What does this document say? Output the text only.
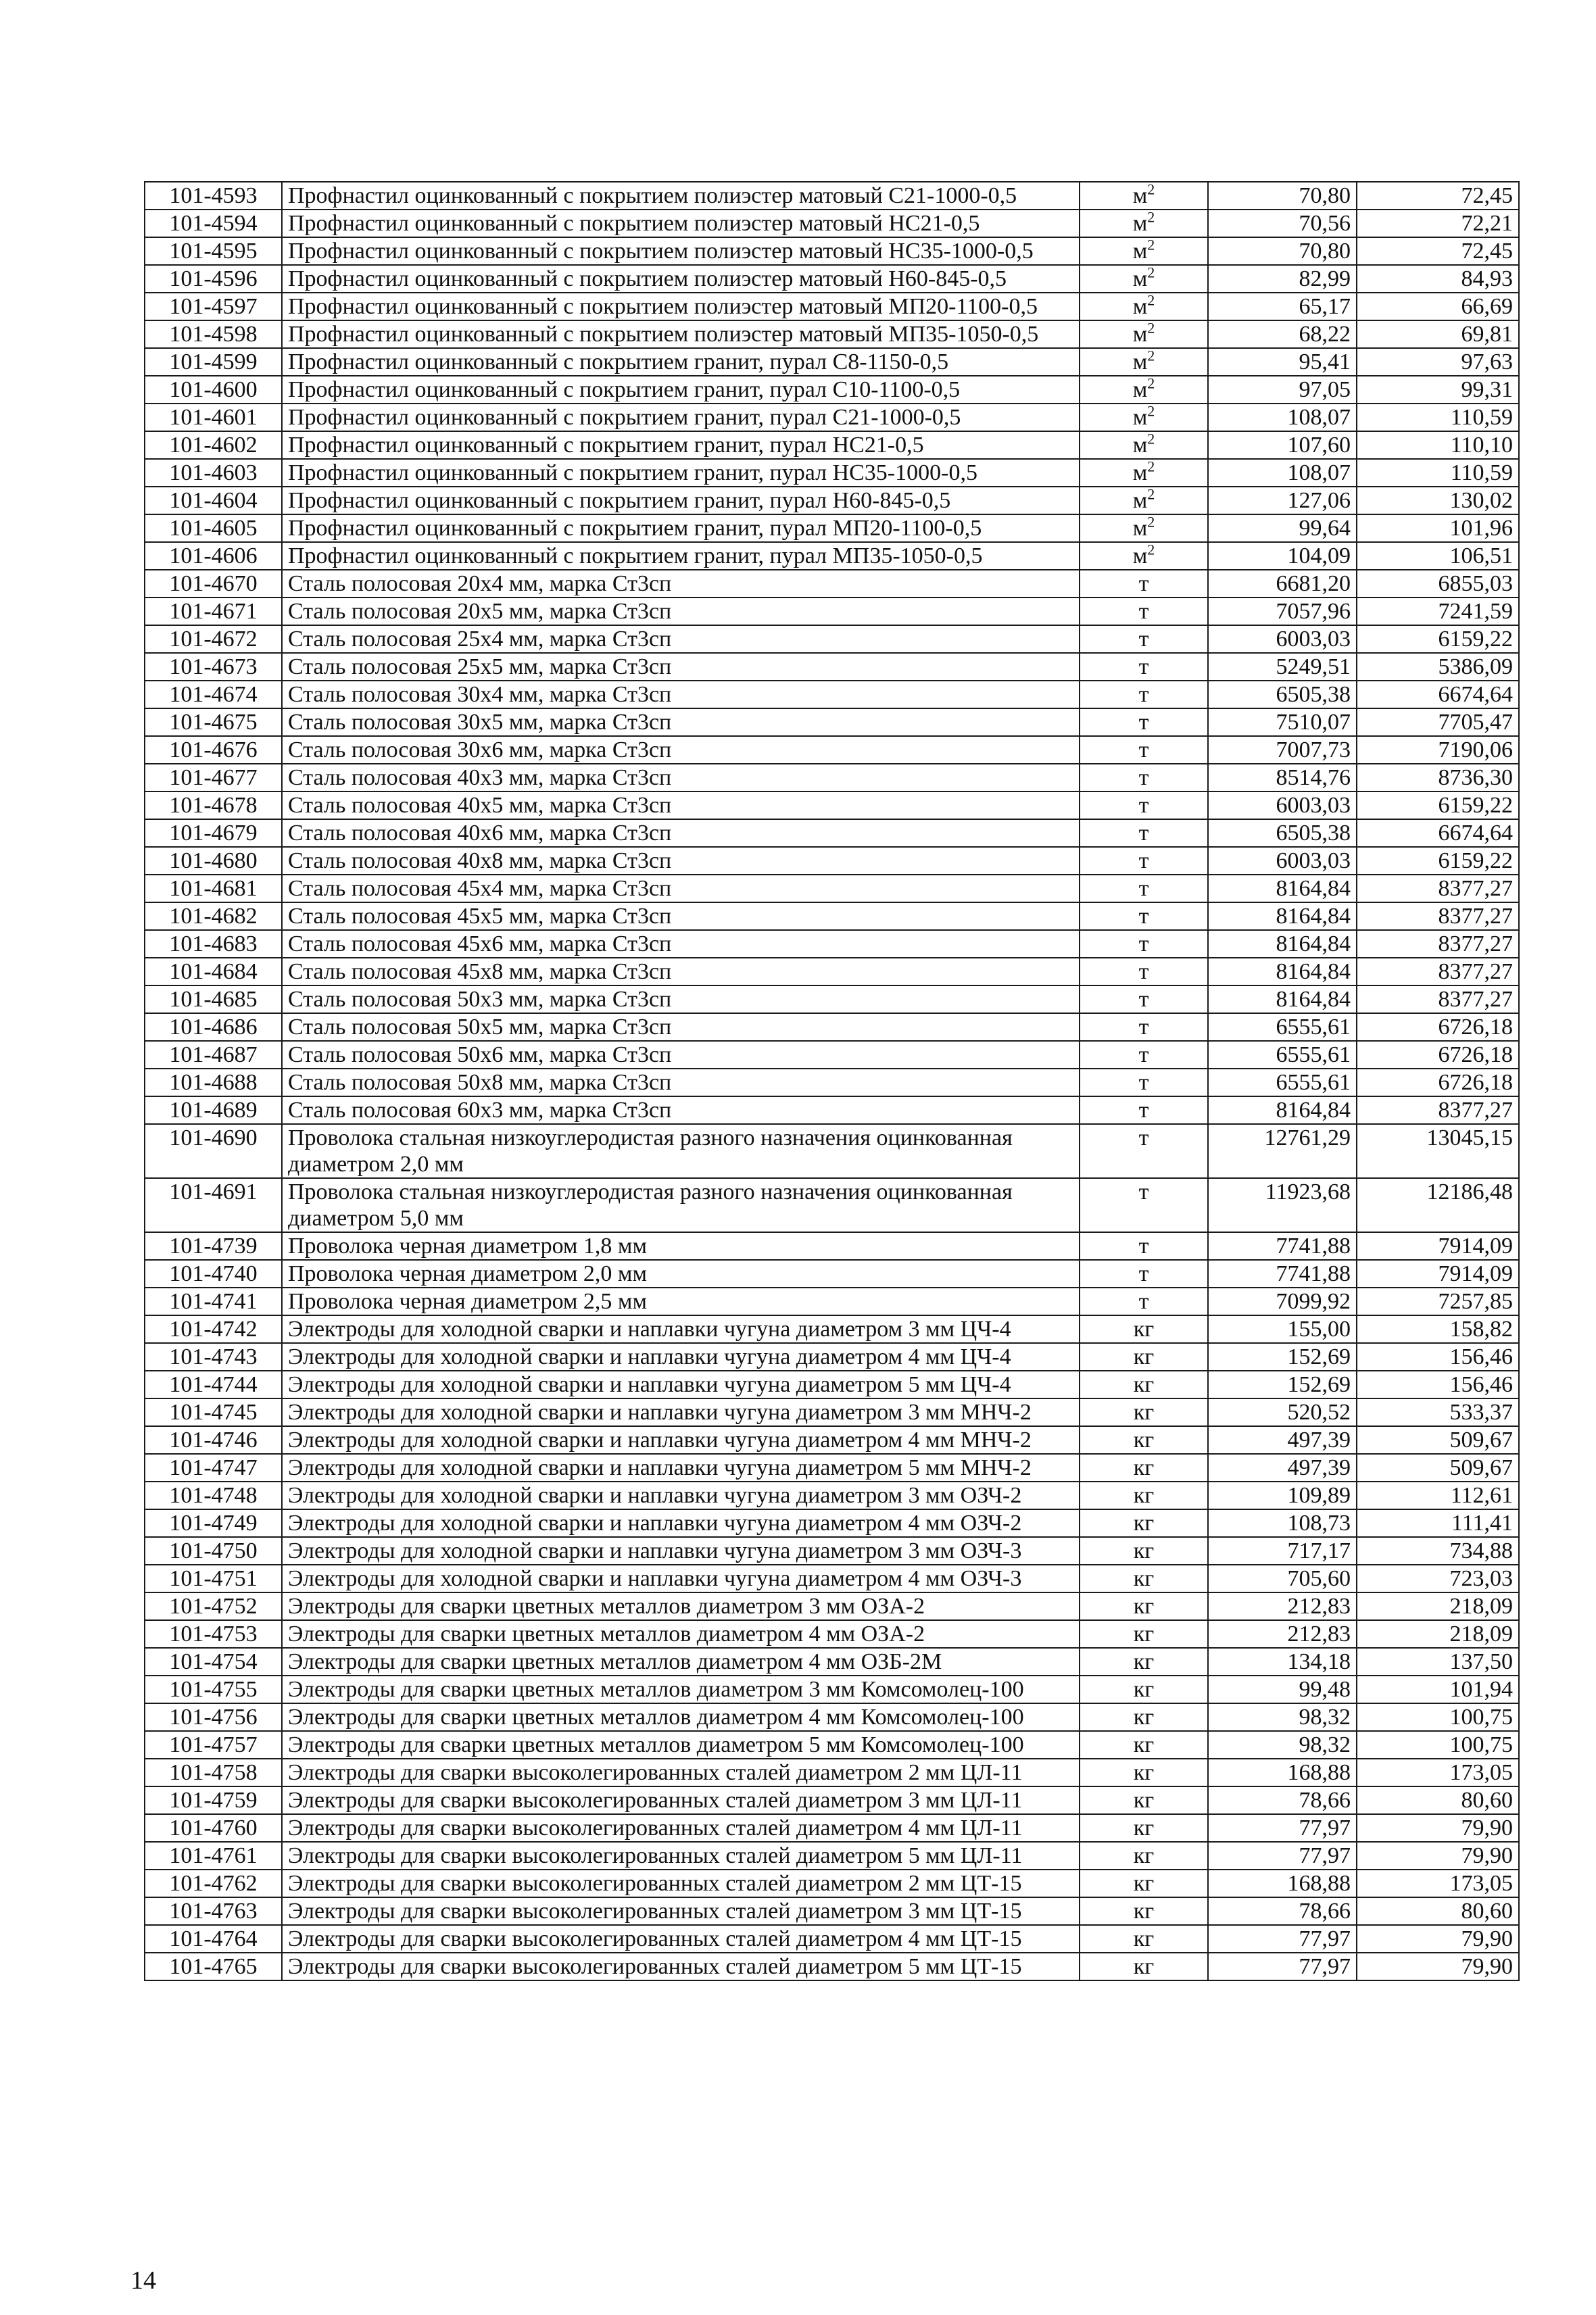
101-4593	Профнастил оцинкованный с покрытием полиэстер матовый С21-1000-0,5	$м^2$	70,80	72,45
101-4594	Профнастил оцинкованный с покрытием полиэстер матовый НС21-0,5	$м^2$	70,56	72,21
101-4595	Профнастил оцинкованный с покрытием полиэстер матовый НС35-1000-0,5	$м^2$	70,80	72,45
101-4596	Профнастил оцинкованный с покрытием полиэстер матовый Н60-845-0,5	$м^2$	82,99	84,93
101-4597	Профнастил оцинкованный с покрытием полиэстер матовый МП20-1100-0,5	$м^2$	65,17	66,69
101-4598	Профнастил оцинкованный с покрытием полиэстер матовый МП35-1050-0,5	$м^2$	68,22	69,81
101-4599	Профнастил оцинкованный с покрытием гранит, пурал С8-1150-0,5	$м^2$	95,41	97,63
101-4600	Профнастил оцинкованный с покрытием гранит, пурал С10-1100-0,5	$м^2$	97,05	99,31
101-4601	Профнастил оцинкованный с покрытием гранит, пурал С21-1000-0,5	$м^2$	108,07	110,59
101-4602	Профнастил оцинкованный с покрытием гранит, пурал НС21-0,5	$м^2$	107,60	110,10
101-4603	Профнастил оцинкованный с покрытием гранит, пурал НС35-1000-0,5	$м^2$	108,07	110,59
101-4604	Профнастил оцинкованный с покрытием гранит, пурал Н60-845-0,5	$м^2$	127,06	130,02
101-4605	Профнастил оцинкованный с покрытием гранит, пурал МП20-1100-0,5	$м^2$	99,64	101,96
101-4606	Профнастил оцинкованный с покрытием гранит, пурал МП35-1050-0,5	$м^2$	104,09	106,51
101-4670	Сталь полосовая 20х4 мм, марка Ст3сп	т	6681,20	6855,03
101-4671	Сталь полосовая 20х5 мм, марка Ст3сп	т	7057,96	7241,59
101-4672	Сталь полосовая 25х4 мм, марка Ст3сп	т	6003,03	6159,22
101-4673	Сталь полосовая 25х5 мм, марка Ст3сп	т	5249,51	5386,09
101-4674	Сталь полосовая 30х4 мм, марка Ст3сп	т	6505,38	6674,64
101-4675	Сталь полосовая 30х5 мм, марка Ст3сп	т	7510,07	7705,47
101-4676	Сталь полосовая 30х6 мм, марка Ст3сп	т	7007,73	7190,06
101-4677	Сталь полосовая 40х3 мм, марка Ст3сп	т	8514,76	8736,30
101-4678	Сталь полосовая 40х5 мм, марка Ст3сп	т	6003,03	6159,22
101-4679	Сталь полосовая 40х6 мм, марка Ст3сп	т	6505,38	6674,64
101-4680	Сталь полосовая 40х8 мм, марка Ст3сп	т	6003,03	6159,22
101-4681	Сталь полосовая 45х4 мм, марка Ст3сп	т	8164,84	8377,27
101-4682	Сталь полосовая 45х5 мм, марка Ст3сп	т	8164,84	8377,27
101-4683	Сталь полосовая 45х6 мм, марка Ст3сп	т	8164,84	8377,27
101-4684	Сталь полосовая 45х8 мм, марка Ст3сп	т	8164,84	8377,27
101-4685	Сталь полосовая 50х3 мм, марка Ст3сп	т	8164,84	8377,27
101-4686	Сталь полосовая 50х5 мм, марка Ст3сп	т	6555,61	6726,18
101-4687	Сталь полосовая 50х6 мм, марка Ст3сп	т	6555,61	6726,18
101-4688	Сталь полосовая 50х8 мм, марка Ст3сп	т	6555,61	6726,18
101-4689	Сталь полосовая 60х3 мм, марка Ст3сп	т	8164,84	8377,27
101-4690	Проволока стальная низкоуглеродистая разного назначения оцинкованная диаметром 2,0 мм	т	12761,29	13045,15
101-4691	Проволока стальная низкоуглеродистая разного назначения оцинкованная диаметром 5,0 мм	т	11923,68	12186,48
101-4739	Проволока черная диаметром 1,8 мм	т	7741,88	7914,09
101-4740	Проволока черная диаметром 2,0 мм	т	7741,88	7914,09
101-4741	Проволока черная диаметром 2,5 мм	т	7099,92	7257,85
101-4742	Электроды для холодной сварки и наплавки чугуна диаметром 3 мм ЦЧ-4	кг	155,00	158,82
101-4743	Электроды для холодной сварки и наплавки чугуна диаметром 4 мм ЦЧ-4	кг	152,69	156,46
101-4744	Электроды для холодной сварки и наплавки чугуна диаметром 5 мм ЦЧ-4	кг	152,69	156,46
101-4745	Электроды для холодной сварки и наплавки чугуна диаметром 3 мм МНЧ-2	кг	520,52	533,37
101-4746	Электроды для холодной сварки и наплавки чугуна диаметром 4 мм МНЧ-2	кг	497,39	509,67
101-4747	Электроды для холодной сварки и наплавки чугуна диаметром 5 мм МНЧ-2	кг	497,39	509,67
101-4748	Электроды для холодной сварки и наплавки чугуна диаметром 3 мм ОЗЧ-2	кг	109,89	112,61
101-4749	Электроды для холодной сварки и наплавки чугуна диаметром 4 мм ОЗЧ-2	кг	108,73	111,41
101-4750	Электроды для холодной сварки и наплавки чугуна диаметром 3 мм ОЗЧ-3	кг	717,17	734,88
101-4751	Электроды для холодной сварки и наплавки чугуна диаметром 4 мм ОЗЧ-3	кг	705,60	723,03
101-4752	Электроды для сварки цветных металлов диаметром 3 мм ОЗА-2	кг	212,83	218,09
101-4753	Электроды для сварки цветных металлов диаметром 4 мм ОЗА-2	кг	212,83	218,09
101-4754	Электроды для сварки цветных металлов диаметром 4 мм ОЗБ-2М	кг	134,18	137,50
101-4755	Электроды для сварки цветных металлов диаметром 3 мм Комсомолец-100	кг	99,48	101,94
101-4756	Электроды для сварки цветных металлов диаметром 4 мм Комсомолец-100	кг	98,32	100,75
101-4757	Электроды для сварки цветных металлов диаметром 5 мм Комсомолец-100	кг	98,32	100,75
101-4758	Электроды для сварки высоколегированных сталей диаметром 2 мм ЦЛ-11	кг	168,88	173,05
101-4759	Электроды для сварки высоколегированных сталей диаметром 3 мм ЦЛ-11	кг	78,66	80,60
101-4760	Электроды для сварки высоколегированных сталей диаметром 4 мм ЦЛ-11	кг	77,97	79,90
101-4761	Электроды для сварки высоколегированных сталей диаметром 5 мм ЦЛ-11	кг	77,97	79,90
101-4762	Электроды для сварки высоколегированных сталей диаметром 2 мм ЦТ-15	кг	168,88	173,05
101-4763	Электроды для сварки высоколегированных сталей диаметром 3 мм ЦТ-15	кг	78,66	80,60
101-4764	Электроды для сварки высоколегированных сталей диаметром 4 мм ЦТ-15	кг	77,97	79,90
101-4765	Электроды для сварки высоколегированных сталей диаметром 5 мм ЦТ-15	кг	77,97	79,90
14
